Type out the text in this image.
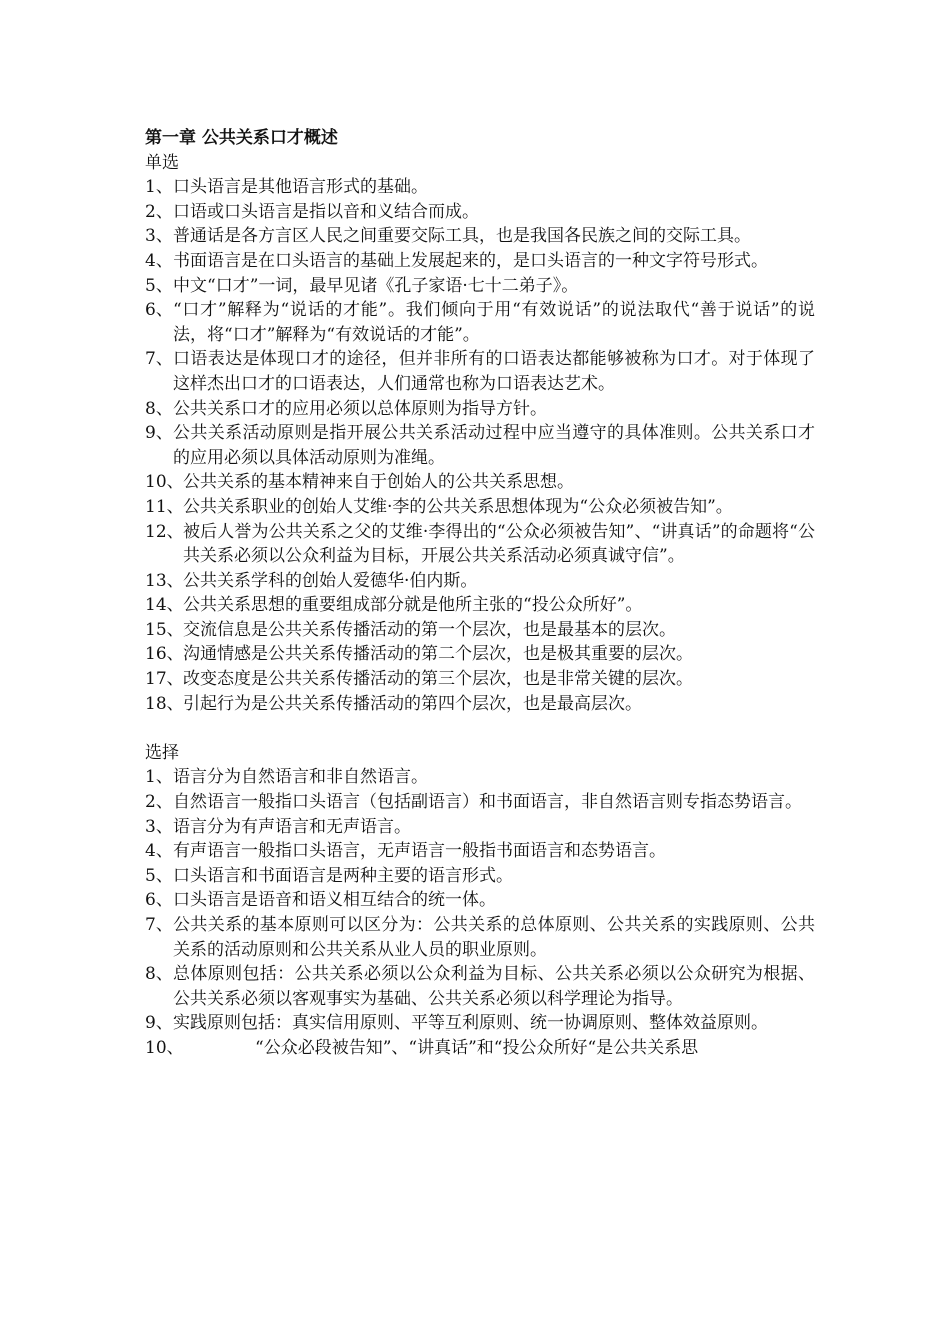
第一章 公共关系口才概述
单选
1、 口头语言是其他语言形式的基础。
2、 口语或口头语言是指以音和义结合而成。
3、 普通话是各方言区人民之间重要交际工具，也是我国各民族之间的交际工具。
4、 书面语言是在口头语言的基础上发展起来的，是口头语言的一种文字符号形式。
5、 中文“口才”一词，最早见诸《孔子家语·七十二弟子》。
6、 “口才”解释为“说话的才能”。我们倾向于用“有效说话”的说法取代“善于说话”的说法，将“口才”解释为“有效说话的才能”。
7、 口语表达是体现口才的途径，但并非所有的口语表达都能够被称为口才。对于体现了这样杰出口才的口语表达，人们通常也称为口语表达艺术。
8、 公共关系口才的应用必须以总体原则为指导方针。
9、 公共关系活动原则是指开展公共关系活动过程中应当遵守的具体准则。公共关系口才的应用必须以具体活动原则为准绳。
10、 公共关系的基本精神来自于创始人的公共关系思想。
11、 公共关系职业的创始人艾维·李的公共关系思想体现为“公众必须被告知”。
12、 被后人誉为公共关系之父的艾维·李得出的“公众必须被告知”、“讲真话”的命题将“公共关系必须以公众利益为目标，开展公共关系活动必须真诚守信”。
13、 公共关系学科的创始人爱德华·伯内斯。
14、 公共关系思想的重要组成部分就是他所主张的“投公众所好”。
15、 交流信息是公共关系传播活动的第一个层次，也是最基本的层次。
16、 沟通情感是公共关系传播活动的第二个层次，也是极其重要的层次。
17、 改变态度是公共关系传播活动的第三个层次，也是非常关键的层次。
18、 引起行为是公共关系传播活动的第四个层次，也是最高层次。
选择
1、 语言分为自然语言和非自然语言。
2、 自然语言一般指口头语言（包括副语言）和书面语言，非自然语言则专指态势语言。
3、 语言分为有声语言和无声语言。
4、 有声语言一般指口头语言，无声语言一般指书面语言和态势语言。
5、 口头语言和书面语言是两种主要的语言形式。
6、 口头语言是语音和语义相互结合的统一体。
7、 公共关系的基本原则可以区分为：公共关系的总体原则、公共关系的实践原则、公共关系的活动原则和公共关系从业人员的职业原则。
8、 总体原则包括：公共关系必须以公众利益为目标、公共关系必须以公众研究为根据、公共关系必须以客观事实为基础、公共关系必须以科学理论为指导。
9、 实践原则包括：真实信用原则、平等互利原则、统一协调原则、整体效益原则。
10、	“公众必段被告知”、“讲真话”和“投公众所好“是公共关系思
